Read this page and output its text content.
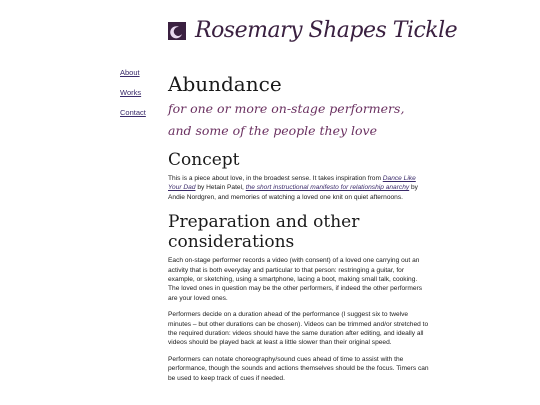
Rosemary Shapes Tickle
About
Works
Contact
Abundance
for one or more on-stage performers, and some of the people they love
Concept

This is a piece about love, in the broadest sense. It takes inspiration from Dance Like Your Dad by Hetain Patel, the short instructional manifesto for relationship anarchy by Andie Nordgren, and memories of watching a loved one knit on quiet afternoons.

Preparation and other considerations

Each on-stage performer records a video (with consent) of a loved one carrying out an activity that is both everyday and particular to that person: restringing a guitar, for example, or sketching, using a smartphone, lacing a boot, making small talk, cooking. The loved ones in question may be the other performers, if indeed the other performers are your loved ones.

Performers decide on a duration ahead of the performance (I suggest six to twelve minutes – but other durations can be chosen). Videos can be trimmed and/or stretched to the required duration: videos should have the same duration after editing, and ideally all videos should be played back at least a little slower than their original speed.

Performers can notate choreography/sound cues ahead of time to assist with the performance, though the sounds and actions themselves should be the focus. Timers can be used to keep track of cues if needed.
